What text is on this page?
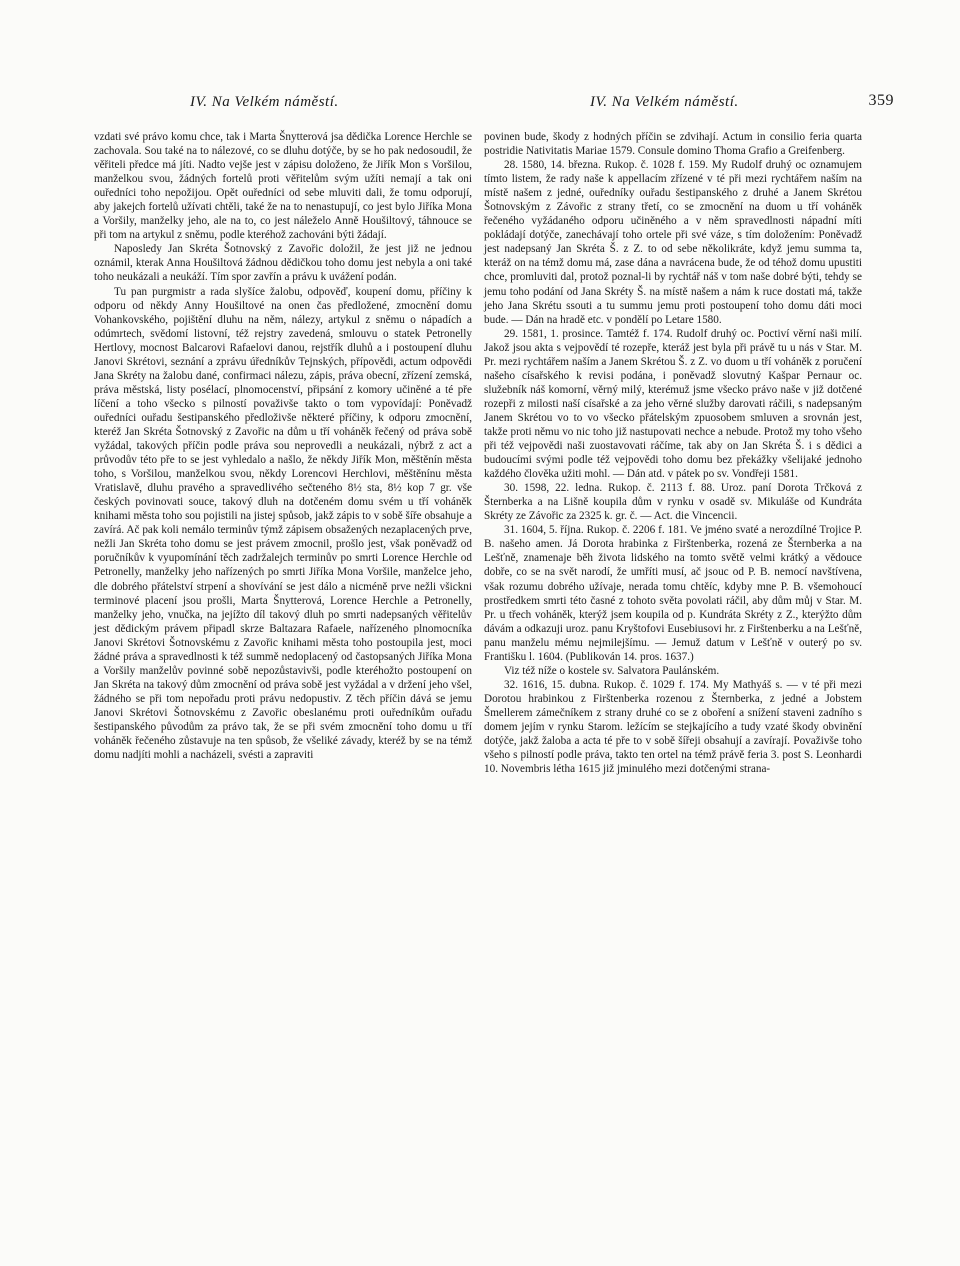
IV. Na Velkém náměstí.	IV. Na Velkém náměstí.	359

vzdati své právo komu chce, tak i Marta Šnytterová jsa dědička Lorence Herchle se zachovala. Sou také na to nálezové, co se dluhu dotýče, by se ho pak nedosoudil, že věřiteli předce má jíti. Nadto vejše jest v zápisu doloženo, že Jiřík Mon s Voršilou, manželkou svou, žádných fortelů proti věřitelům svým užíti nemají a tak oni ouředníci toho nepožijou. Opět ouředníci od sebe mluviti dali, že tomu odporují, aby jakejch fortelů užívati chtěli, také že na to nenastupují, co jest bylo Jiříka Mona a Voršily, manželky jeho, ale na to, co jest náleželo Anně Houšiltový, táhnouce se při tom na artykul z sněmu, podle kteréhož zachováni býti žádají.

Naposledy Jan Skréta Šotnovský z Zavořic doložil, že jest již ne jednou oznámil, kterak Anna Houšiltová žádnou dědičkou toho domu jest nebyla a oni také toho neukázali a neukáží. Tím spor zavřín a právu k uvážení podán.

Tu pan purgmistr a rada slyšíce žalobu, odpověď, koupení domu, příčiny k odporu od někdy Anny Houšiltové na onen čas předložené, zmocnění domu Vohankovského, pojištění dluhu na něm, nálezy, artykul z sněmu o nápadích a odúmrtech, svědomí listovní, též rejstry zavedená, smlouvu o statek Petronelly Hertlovy, mocnost Balcarovi Rafaelovi danou, rejstřík dluhů a i postoupení dluhu Janovi Skrétovi, seznání a zprávu úředníkův Tejnských, přípovědi, actum odpovědi Jana Skréty na žalobu dané, confirmaci nálezu, zápis, práva obecní, zřízení zemská, práva městská, listy posélací, plnomocenství, připsání z komory učiněné a té pře líčení a toho všecko s pilností považivše takto o tom vypovídají: Poněvadž ouředníci ouřadu šestipanského předloživše některé příčiny, k odporu zmocnění, kteréž Jan Skréta Šotnovský z Zavořic na dům u tří voháněk řečený od práva sobě vyžádal, takových příčin podle práva sou neprovedli a neukázali, nýbrž z act a průvodův této pře to se jest vyhledalo a našlo, že někdy Jiřík Mon, měštěnín města toho, s Voršilou, manželkou svou, někdy Lorencovi Herchlovi, měštěnínu města Vratislavě, dluhu pravého a spravedlivého sečteného 8½ sta, 8½ kop 7 gr. vše českých povinovati souce, takový dluh na dotčeném domu svém u tří voháněk knihami města toho sou pojistili na jistej spůsob, jakž zápis to v sobě šíře obsahuje a zavírá. Ač pak koli nemálo terminův týmž zápisem obsažených nezaplacených prve, nežli Jan Skréta toho domu se jest právem zmocnil, prošlo jest, však poněvadž od poručníkův k vyupomínání těch zadržalejch terminův po smrti Lorence Herchle od Petronelly, manželky jeho nařízených po smrti Jiříka Mona Voršile, manželce jeho, dle dobrého přátelství strpení a shovívání se jest dálo a nicméně prve nežli všickni terminové placení jsou prošli, Marta Šnytterová, Lorence Herchle a Petronelly, manželky jeho, vnučka, na jejížto díl takový dluh po smrti nadepsaných věřitelův jest dědickým právem připadl skrze Baltazara Rafaele, nařízeného plnomocníka Janovi Skrétovi Šotnovskému z Zavořic knihami města toho postoupila jest, moci žádné práva a spravedlnosti k též summě nedoplacený od častopsaných Jiříka Mona a Voršily manželův povinné sobě nepozůstavivši, podle kteréhožto postoupení on Jan Skréta na takový dům zmocnění od práva sobě jest vyžádal a v držení jeho všel, žádného se při tom nepořadu proti právu nedopustiv. Z těch příčin dává se jemu Janovi Skrétovi Šotnovskému z Zavořic obeslanému proti ouředníkům ouřadu šestipanského původům za právo tak, že se při svém zmocnění toho domu u tří voháněk řečeného zůstavuje na ten spůsob, že všeliké závady, kteréž by se na témž domu nadjíti mohli a nacházeli, svésti a zapraviti

povinen bude, škody z hodných příčin se zdvihají. Actum in consilio feria quarta postridie Nativitatis Mariae 1579. Consule domino Thoma Grafio a Greifenberg.

28. 1580, 14. března. Rukop. č. 1028 f. 159. My Rudolf druhý oc oznamujem tímto listem, že rady naše k appellacím zřízené v té při mezi rychtářem naším na místě našem z jedné, ouředníky ouřadu šestipanského z druhé a Janem Skrétou Šotnovským z Závořic z strany třetí, co se zmocnění na duom u tří voháněk řečeného vyžádaného odporu učiněného a v něm spravedlnosti nápadní míti pokládají dotýče, zanechávají toho ortele při své váze, s tím doložením: Poněvadž jest nadepsaný Jan Skréta Š. z Z. to od sebe několikráte, když jemu summa ta, kteráž on na témž domu má, zase dána a navrácena bude, že od téhož domu upustiti chce, promluviti dal, protož poznal-li by rychtář náš v tom naše dobré býti, tehdy se jemu toho podání od Jana Skréty Š. na místě našem a nám k ruce dostati má, takže jeho Jana Skrétu ssouti a tu summu jemu proti postoupení toho domu dáti moci bude. — Dán na hradě etc. v pondělí po Letare 1580.

29. 1581, 1. prosince. Tamtéž f. 174. Rudolf druhý oc. Poctiví věrní naši milí. Jakož jsou akta s vejpovědí té rozepře, kteráž jest byla při právě tu u nás v Star. M. Pr. mezi rychtářem naším a Janem Skrétou Š. z Z. vo duom u tří voháněk z poručení našeho císařského k revisi podána, i poněvadž slovutný Kašpar Pernaur oc. služebník náš komorní, věrný milý, kterémuž jsme všecko právo naše v již dotčené rozepři z milosti naší císařské a za jeho věrné služby darovati ráčili, s nadepsaným Janem Skrétou vo to vo všecko přátelským zpuosobem smluven a srovnán jest, takže proti němu vo nic toho již nastupovati nechce a nebude. Protož my toho všeho při též vejpovědi naši zuostavovati ráčíme, tak aby on Jan Skréta Š. i s dědici a budoucími svými podle též vejpovědi toho domu bez překážky všelijaké jednoho každého člověka užiti mohl. — Dán atd. v pátek po sv. Vondřeji 1581.

30. 1598, 22. ledna. Rukop. č. 2113 f. 88. Uroz. paní Dorota Trčková z Šternberka a na Lišně koupila dům v rynku v osadě sv. Mikuláše od Kundráta Skréty ze Závořic za 2325 k. gr. č. — Act. die Vincencii.

31. 1604, 5. října. Rukop. č. 2206 f. 181. Ve jméno svaté a nerozdílné Trojice P. B. našeho amen. Já Dorota hrabinka z Firštenberka, rozená ze Šternberka a na Lešťně, znamenaje běh života lidského na tomto světě velmi krátký a vědouce dobře, co se na svět narodí, že umříti musí, ač jsouc od P. B. nemocí navštívena, však rozumu dobrého užívaje, nerada tomu chtěíc, kdyby mne P. B. všemohoucí prostředkem smrti této časné z tohoto světa povolati ráčil, aby dům můj v Star. M. Pr. u třech voháněk, kterýž jsem koupila od p. Kundráta Skréty z Z., kterýžto dům dávám a odkazuji uroz. panu Kryštofovi Eusebiusovi hr. z Firštenberku a na Lešťně, panu manželu mému nejmilejšímu. — Jemuž datum v Lešťně v outerý po sv. Františku l. 1604. (Publikován 14. pros. 1637.)

Viz též níže o kostele sv. Salvatora Paulánském.

32. 1616, 15. dubna. Rukop. č. 1029 f. 174. My Mathyáš s. — v té při mezi Dorotou hrabinkou z Firštenberka rozenou z Šternberka, z jedné a Jobstem Šmellerem zámečníkem z strany druhé co se z oboření a snížení staveni zadního s domem jejím v rynku Starom. ležícím se stejkajícího a tudy vzaté škody obvinění dotýče, jakž žaloba a acta té pře to v sobě šířeji obsahují a zavírají. Považivše toho všeho s pilností podle práva, takto ten ortel na témž právě feria 3. post S. Leonhardi 10. Novembris létha 1615 již jminulého mezi dotčenými strana-
